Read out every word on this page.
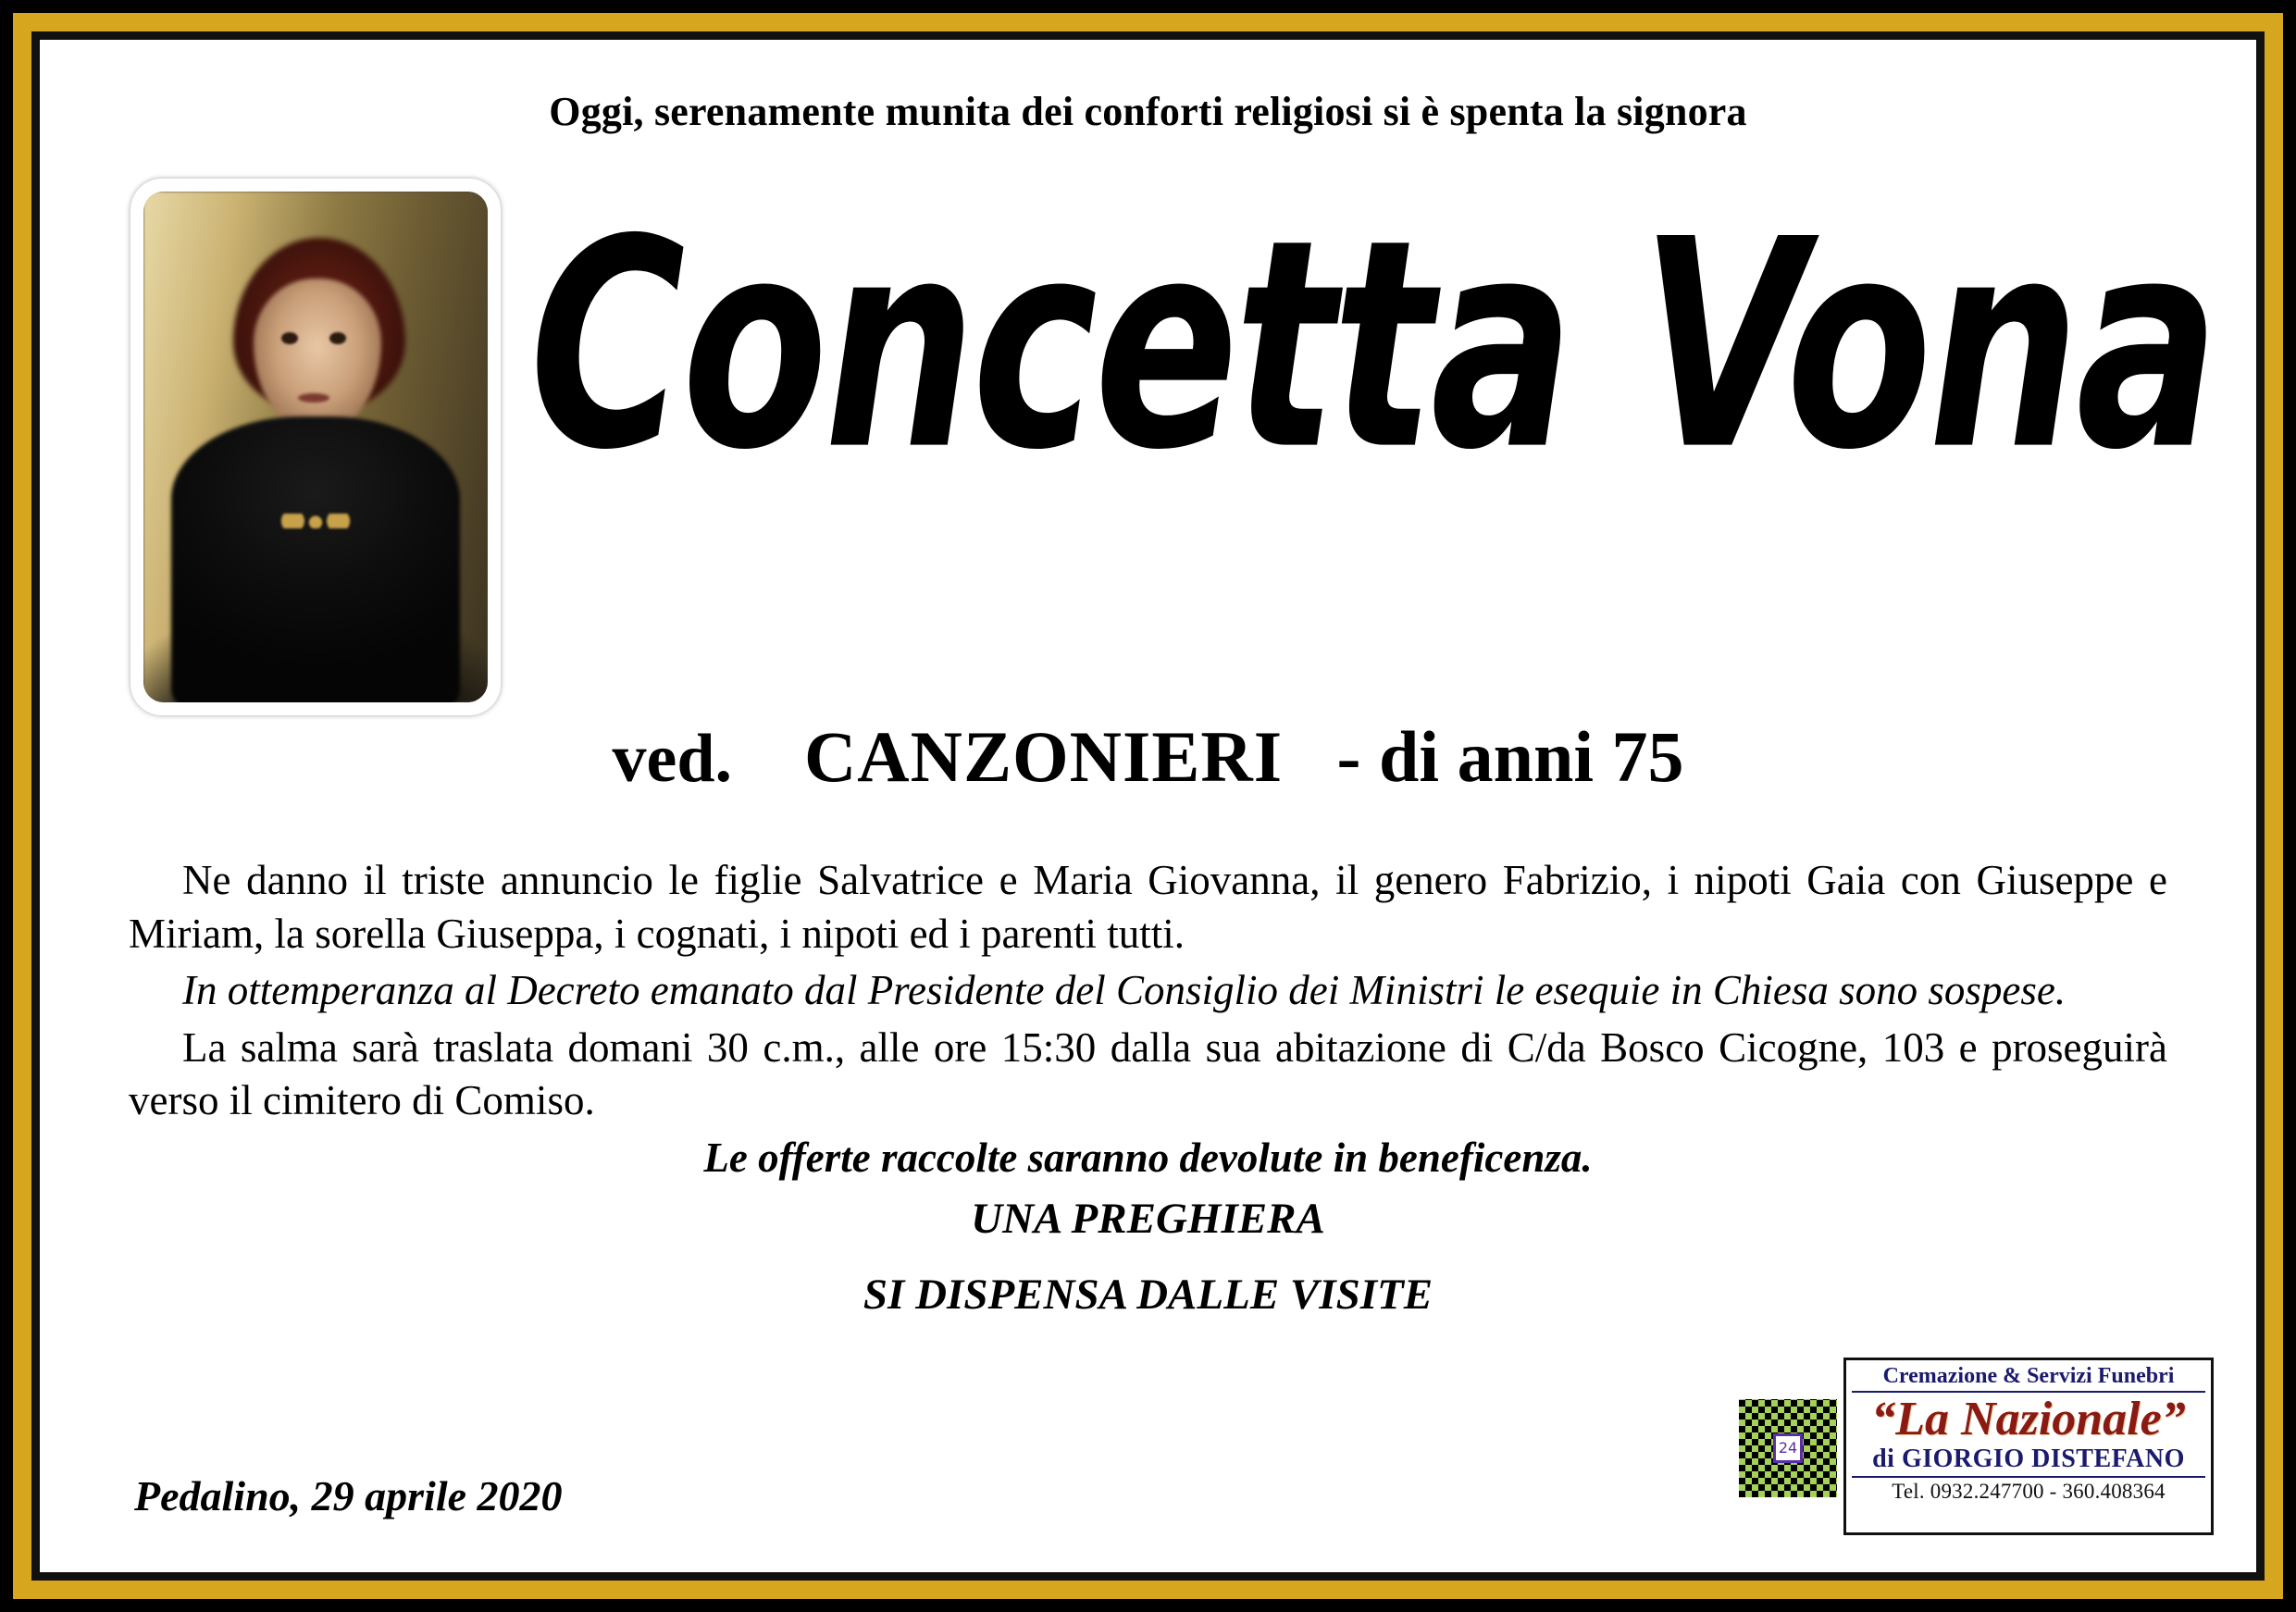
Oggi, serenamente munita dei conforti religiosi si è spenta la signora
Concetta Vona
ved. CANZONIERI - di anni 75

Ne danno il triste annuncio le figlie Salvatrice e Maria Giovanna, il genero Fabrizio, i nipoti Gaia con Giuseppe e Miriam, la sorella Giuseppa, i cognati, i nipoti ed i parenti tutti.

In ottemperanza al Decreto emanato dal Presidente del Consiglio dei Ministri le esequie in Chiesa sono sospese.

La salma sarà traslata domani 30 c.m., alle ore 15:30 dalla sua abitazione di C/da Bosco Cicogne, 103 e proseguirà verso il cimitero di Comiso.

Le offerte raccolte saranno devolute in beneficenza.

UNA PREGHIERA

SI DISPENSA DALLE VISITE

Pedalino, 29 aprile 2020
24
Cremazione & Servizi Funebri
“La Nazionale”
di GIORGIO DISTEFANO
Tel. 0932.247700 - 360.408364
